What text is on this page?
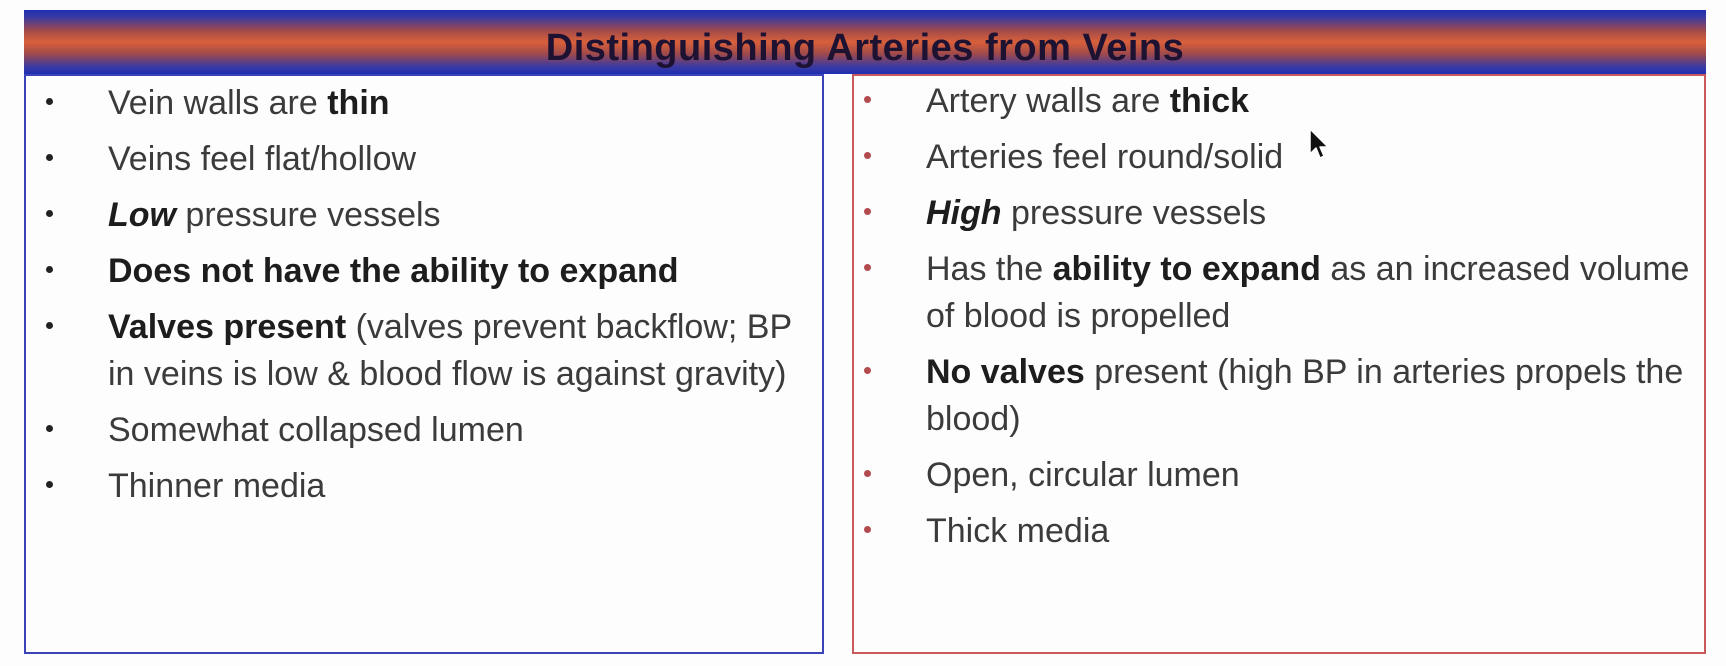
Distinguishing Arteries from Veins
Vein walls are thin
Veins feel flat/hollow
Low pressure vessels
Does not have the ability to expand
Valves present (valves prevent backflow; BP in veins is low & blood flow is against gravity)
Somewhat collapsed lumen
Thinner media
Artery walls are thick
Arteries feel round/solid
High pressure vessels
Has the ability to expand as an increased volume of blood is propelled
No valves present (high BP in arteries propels the blood)
Open, circular lumen
Thick media
